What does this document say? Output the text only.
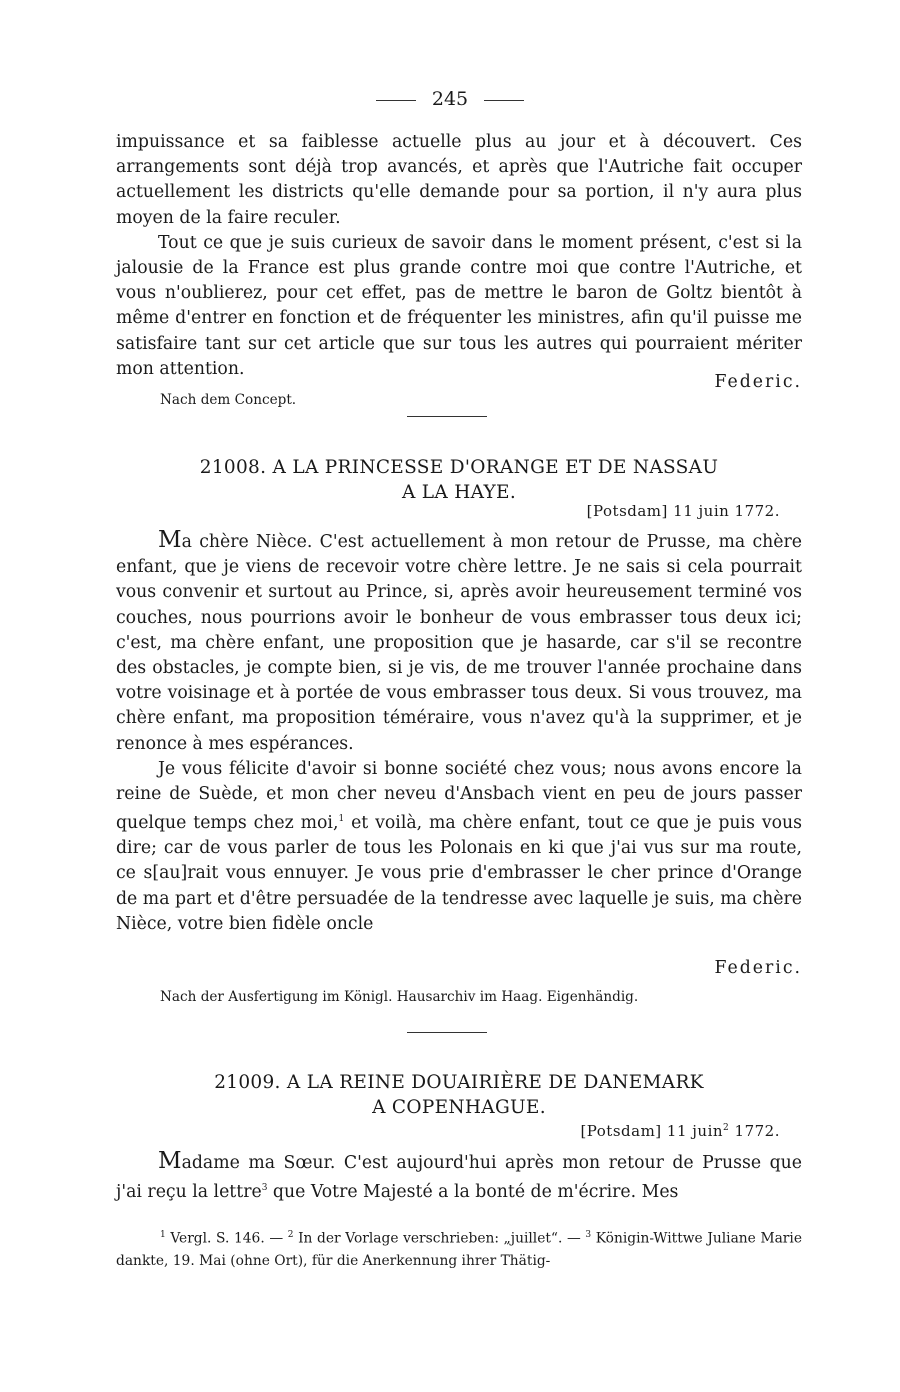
245

impuissance et sa faiblesse actuelle plus au jour et à découvert. Ces arrangements sont déjà trop avancés, et après que l'Autriche fait occuper actuellement les districts qu'elle demande pour sa portion, il n'y aura plus moyen de la faire reculer.

Tout ce que je suis curieux de savoir dans le moment présent, c'est si la jalousie de la France est plus grande contre moi que contre l'Autriche, et vous n'oublierez, pour cet effet, pas de mettre le baron de Goltz bientôt à même d'entrer en fonction et de fréquenter les ministres, afin qu'il puisse me satisfaire tant sur cet article que sur tous les autres qui pourraient mériter mon attention.

Federic.

Nach dem Concept.

21008. A LA PRINCESSE D'ORANGE ET DE NASSAU
A LA HAYE.
[Potsdam] 11 juin 1772.

Ma chère Nièce. C'est actuellement à mon retour de Prusse, ma chère enfant, que je viens de recevoir votre chère lettre. Je ne sais si cela pourrait vous convenir et surtout au Prince, si, après avoir heureusement terminé vos couches, nous pourrions avoir le bonheur de vous embrasser tous deux ici; c'est, ma chère enfant, une proposition que je hasarde, car s'il se recontre des obstacles, je compte bien, si je vis, de me trouver l'année prochaine dans votre voisinage et à portée de vous embrasser tous deux. Si vous trouvez, ma chère enfant, ma proposition téméraire, vous n'avez qu'à la supprimer, et je renonce à mes espérances.

Je vous félicite d'avoir si bonne société chez vous; nous avons encore la reine de Suède, et mon cher neveu d'Ansbach vient en peu de jours passer quelque temps chez moi,$^1$ et voilà, ma chère enfant, tout ce que je puis vous dire; car de vous parler de tous les Polonais en ki que j'ai vus sur ma route, ce s[au]rait vous ennuyer. Je vous prie d'embrasser le cher prince d'Orange de ma part et d'être persuadée de la tendresse avec laquelle je suis, ma chère Nièce, votre bien fidèle oncle

Federic.

Nach der Ausfertigung im Königl. Hausarchiv im Haag. Eigenhändig.

21009. A LA REINE DOUAIRIÈRE DE DANEMARK
A COPENHAGUE.
[Potsdam] 11 juin$^2$ 1772.

Madame ma Sœur. C'est aujourd'hui après mon retour de Prusse que j'ai reçu la lettre$^3$ que Votre Majesté a la bonté de m'écrire. Mes

$^1$ Vergl. S. 146. — $^2$ In der Vorlage verschrieben: „juillet“. — $^3$ Königin-Wittwe Juliane Marie dankte, 19. Mai (ohne Ort), für die Anerkennung ihrer Thätig-
